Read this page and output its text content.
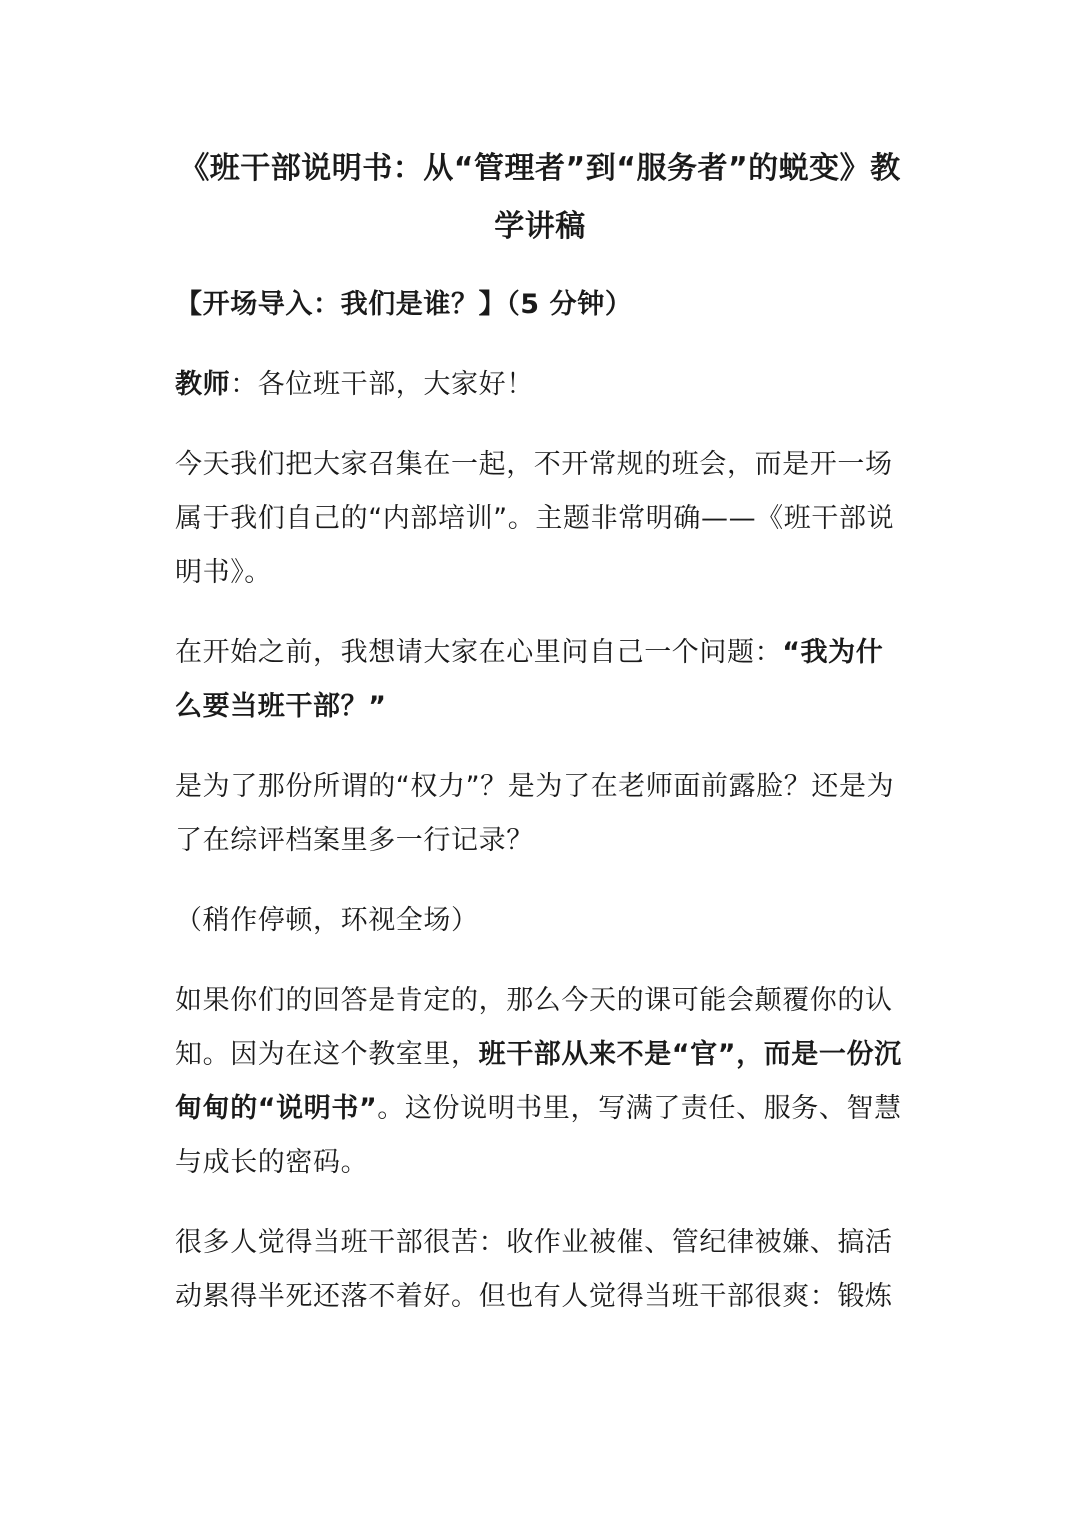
《班干部说明书：从“管理者”到“服务者”的蜕变》教学讲稿

【开场导入：我们是谁？】（5 分钟）

教师：各位班干部，大家好！

今天我们把大家召集在一起，不开常规的班会，而是开一场属于我们自己的“内部培训”。主题非常明确——《班干部说明书》。

在开始之前，我想请大家在心里问自己一个问题：“我为什么要当班干部？”

是为了那份所谓的“权力”？是为了在老师面前露脸？还是为了在综评档案里多一行记录？

（稍作停顿，环视全场）

如果你们的回答是肯定的，那么今天的课可能会颠覆你的认知。因为在这个教室里，班干部从来不是“官”，而是一份沉甸甸的“说明书”。这份说明书里，写满了责任、服务、智慧与成长的密码。

很多人觉得当班干部很苦：收作业被催、管纪律被嫌、搞活动累得半死还落不着好。但也有人觉得当班干部很爽：锻炼
